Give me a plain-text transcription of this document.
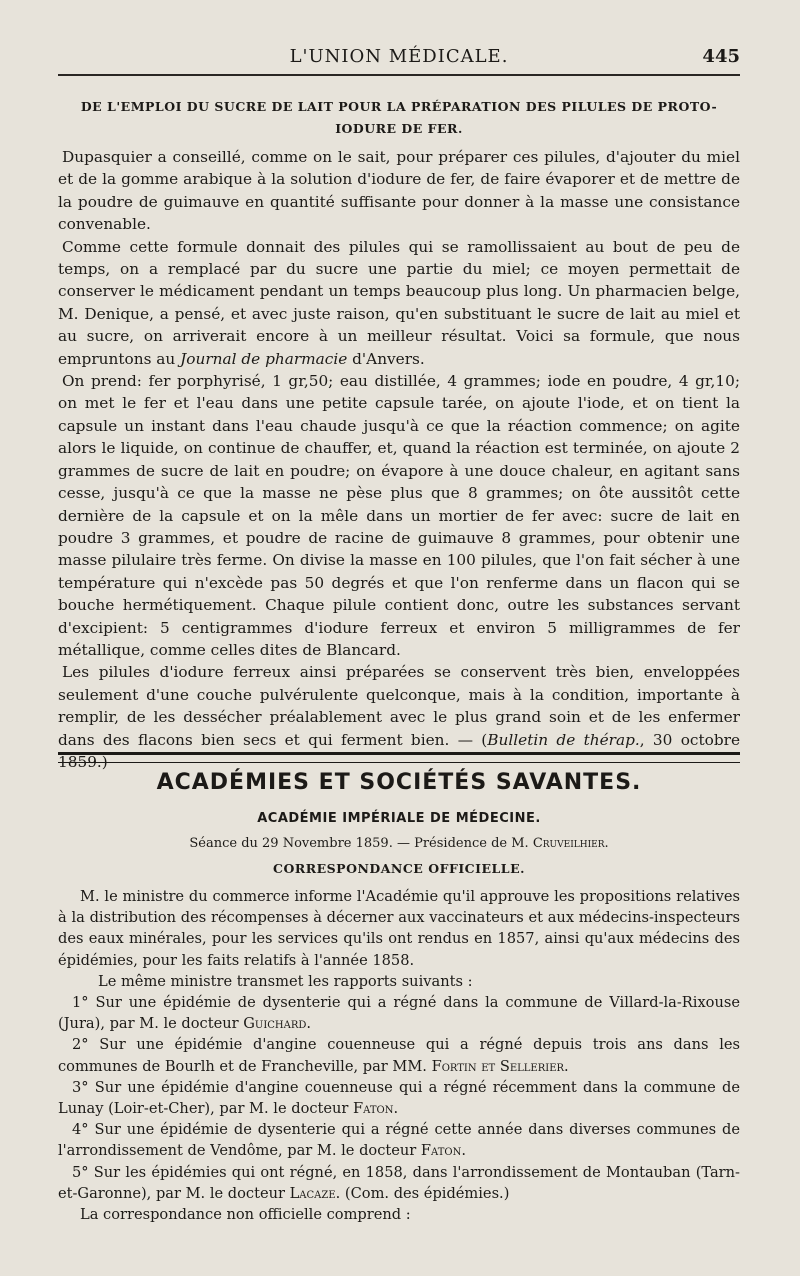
L'UNION MÉDICALE.	445
DE L'EMPLOI DU SUCRE DE LAIT POUR LA PRÉPARATION DES PILULES DE PROTO-
IODURE DE FER.

Dupasquier a conseillé, comme on le sait, pour préparer ces pilules, d'ajouter du miel et de la gomme arabique à la solution d'iodure de fer, de faire évaporer et de mettre de la poudre de guimauve en quantité suffisante pour donner à la masse une consistance convenable.

Comme cette formule donnait des pilules qui se ramollissaient au bout de peu de temps, on a remplacé par du sucre une partie du miel; ce moyen permettait de conserver le médicament pendant un temps beaucoup plus long. Un pharmacien belge, M. Denique, a pensé, et avec juste raison, qu'en substituant le sucre de lait au miel et au sucre, on arriverait encore à un meilleur résultat. Voici sa formule, que nous empruntons au Journal de pharmacie d'Anvers.

On prend: fer porphyrisé, 1 gr,50; eau distillée, 4 grammes; iode en poudre, 4 gr,10; on met le fer et l'eau dans une petite capsule tarée, on ajoute l'iode, et on tient la capsule un instant dans l'eau chaude jusqu'à ce que la réaction commence; on agite alors le liquide, on continue de chauffer, et, quand la réaction est terminée, on ajoute 2 grammes de sucre de lait en poudre; on évapore à une douce chaleur, en agitant sans cesse, jusqu'à ce que la masse ne pèse plus que 8 grammes; on ôte aussitôt cette dernière de la capsule et on la mêle dans un mortier de fer avec: sucre de lait en poudre 3 grammes, et poudre de racine de guimauve 8 grammes, pour obtenir une masse pilulaire très ferme. On divise la masse en 100 pilules, que l'on fait sécher à une température qui n'excède pas 50 degrés et que l'on renferme dans un flacon qui se bouche hermétiquement. Chaque pilule contient donc, outre les substances servant d'excipient: 5 centigrammes d'iodure ferreux et environ 5 milligrammes de fer métallique, comme celles dites de Blancard.

Les pilules d'iodure ferreux ainsi préparées se conservent très bien, enveloppées seulement d'une couche pulvérulente quelconque, mais à la condition, importante à remplir, de les dessécher préalablement avec le plus grand soin et de les enfermer dans des flacons bien secs et qui ferment bien. — (Bulletin de thérap., 30 octobre 1859.)

ACADÉMIES ET SOCIÉTÉS SAVANTES.
ACADÉMIE IMPÉRIALE DE MÉDECINE.
Séance du 29 Novembre 1859. — Présidence de M. Cruveilhier.
CORRESPONDANCE OFFICIELLE.

M. le ministre du commerce informe l'Académie qu'il approuve les propositions relatives à la distribution des récompenses à décerner aux vaccinateurs et aux médecins-inspecteurs des eaux minérales, pour les services qu'ils ont rendus en 1857, ainsi qu'aux médecins des épidémies, pour les faits relatifs à l'année 1858.

Le même ministre transmet les rapports suivants :

1° Sur une épidémie de dysenterie qui a régné dans la commune de Villard-la-Rixouse (Jura), par M. le docteur Guichard.

2° Sur une épidémie d'angine couenneuse qui a régné depuis trois ans dans les communes de Bourlh et de Francheville, par MM. Fortin et Sellerier.

3° Sur une épidémie d'angine couenneuse qui a régné récemment dans la commune de Lunay (Loir-et-Cher), par M. le docteur Faton.

4° Sur une épidémie de dysenterie qui a régné cette année dans diverses communes de l'arrondissement de Vendôme, par M. le docteur Faton.

5° Sur les épidémies qui ont régné, en 1858, dans l'arrondissement de Montauban (Tarn-et-Garonne), par M. le docteur Lacaze. (Com. des épidémies.)

La correspondance non officielle comprend :
